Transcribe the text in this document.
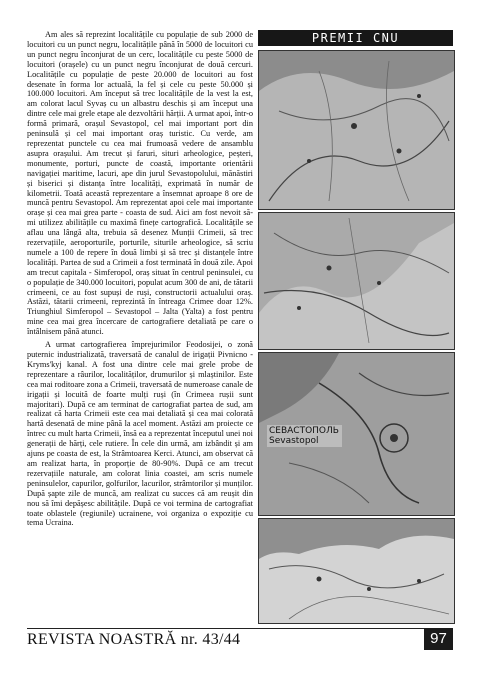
Am ales să reprezint localitățile cu populație de sub 2000 de locuitori cu un punct negru, localitățile până în 5000 de locuitori cu un punct negru înconjurat de un cerc, localitățile cu peste 5000 de locuitori (orașele) cu un punct negru înconjurat de două cercuri. Localitățile cu populație de peste 20.000 de locuitori au fost desenate în forma lor actuală, la fel și cele cu peste 50.000 și 100.000 locuitori. Am început să trec localitățile de la vest la est, am colorat lacul Syvaș cu un albastru deschis și am început una dintre cele mai grele etape ale dezvoltării hărții. A urmat apoi, într-o formă primară, orașul Sevastopol, cel mai important port din peninsulă și cel mai important oraș turistic. Cu verde, am reprezentat punctele cu cea mai frumoasă vedere de ansamblu asupra orașului. Am trecut și faruri, situri arheologice, peșteri, monumente, porturi, puncte de coastă, importante orientării navigației maritime, lacuri, ape din jurul Sevastopolului, mănăstiri și biserici și distanța între localități, exprimată în număr de kilometrii. Toată aceastã reprezentare a însemnat aproape 8 ore de muncă pentru Sevastopol. Am reprezentat apoi cele mai importante orașe și cea mai grea parte - coasta de sud. Aici am fost nevoit să-mi utilizez abilitățile cu maximă finețe cartografică. Localitățile se aflau una lângă alta, trebuia să desenez Munții Crimeii, să trec rezervațiile, aeroporturile, porturile, siturile arheologice, să scriu numele a 100 de repere în două limbi și să trec și distanțele între localități. Partea de sud a Crimeii a fost terminată în două zile. Apoi am trecut capitala - Simferopol, oraș situat în centrul peninsulei, cu o populație de 340.000 locuitori, populat acum 300 de ani, de tătarii crimeeni, ce au fost supuși de ruși, constructorii actualului oraș. Astăzi, tătarii crimeeni, reprezintă în întreaga Crimee doar 12%. Triunghiul Simferopol – Sevastopol – Jalta (Yalta) a fost pentru mine cea mai grea încercare de cartografiere detaliată pe care o întâlnisem până atunci.

A urmat cartografierea împrejurimilor Feodosijei, o zonă puternic industrializată, traversată de canalul de irigații Pivnicno - Kryms'kyj kanal. A fost una dintre cele mai grele probe de reprezentare a râurilor, localităților, drumurilor și mlaștinilor. Este cea mai roditoare zona a Crimeii, traversată de numeroase canale de irigații și locuită de foarte mulți ruși (în Crimeea rușii sunt majoritari). După ce am terminat de cartografiat partea de sud, am realizat că harta Crimeii este cea mai detaliată și cea mai colorată hartă desenată de mine până la acel moment. Astăzi am proiecte ce întrec cu mult harta Crimeii, însă ea a reprezentat începutul unei noi generații de hărți, cele rutiere. În cele din urmă, am izbândit și am ajuns pe coasta de est, la Strâmtoarea Kerci. Atunci, am observat că am realizat harta, în proporție de 80-90%. După ce am trecut rezervațiile naturale, am colorat linia coastei, am scris numele peninsulelor, capurilor, golfurilor, lacurilor, strâmtorilor și munților. După șapte zile de muncă, am realizat cu succes că am reușit din nou să îmi depășesc abilitățile. După ce voi termina de cartografiat toate oblastele (regiunile) ucrainene, voi organiza o expoziție cu tema Ucraina.

PREMII CNU
СЕВАСТОПОЛЬ Sevastopol
REVISTA NOASTRĂ nr. 43/44	97
